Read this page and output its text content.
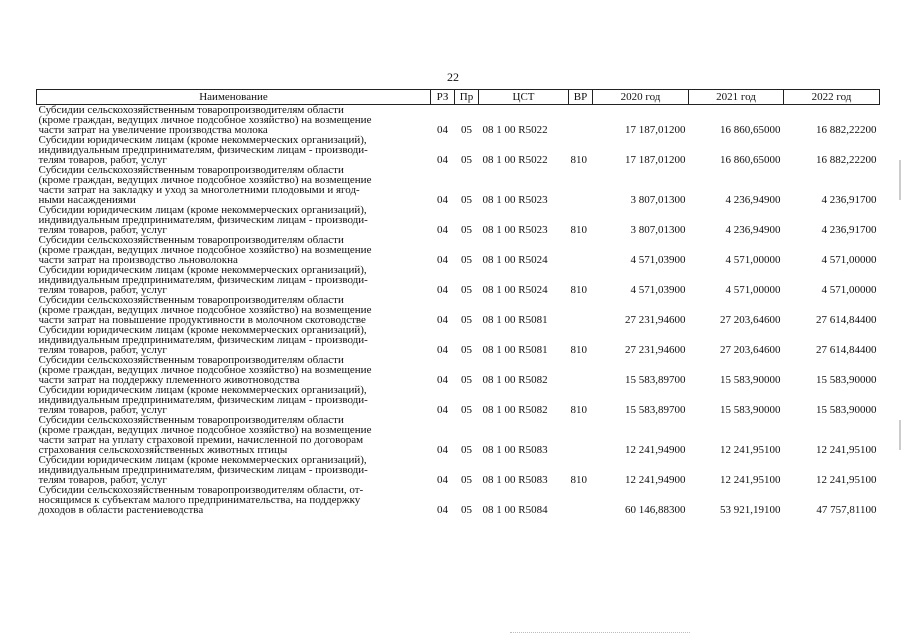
22
Наименование	РЗ	Пр	ЦСТ	ВР	2020 год	2021 год	2022 год

Субсидии сельскохозяйственным товаропроизводителям области
(кроме граждан, ведущих личное подсобное хозяйство) на возмещение
части затрат на увеличение производства молока	04	05	08 1 00 R5022		17 187,01200	16 860,65000	16 882,22200

Субсидии юридическим лицам (кроме некоммерческих организаций),
индивидуальным предпринимателям, физическим лицам - производи-
телям товаров, работ, услуг	04	05	08 1 00 R5022	810	17 187,01200	16 860,65000	16 882,22200

Субсидии сельскохозяйственным товаропроизводителям области
(кроме граждан, ведущих личное подсобное хозяйство) на возмещение
части затрат на закладку и уход за многолетними плодовыми и ягод-
ными насаждениями	04	05	08 1 00 R5023		3 807,01300	4 236,94900	4 236,91700

Субсидии юридическим лицам (кроме некоммерческих организаций),
индивидуальным предпринимателям, физическим лицам - производи-
телям товаров, работ, услуг	04	05	08 1 00 R5023	810	3 807,01300	4 236,94900	4 236,91700

Субсидии сельскохозяйственным товаропроизводителям области
(кроме граждан, ведущих личное подсобное хозяйство) на возмещение
части затрат на производство льноволокна	04	05	08 1 00 R5024		4 571,03900	4 571,00000	4 571,00000

Субсидии юридическим лицам (кроме некоммерческих организаций),
индивидуальным предпринимателям, физическим лицам - производи-
телям товаров, работ, услуг	04	05	08 1 00 R5024	810	4 571,03900	4 571,00000	4 571,00000

Субсидии сельскохозяйственным товаропроизводителям области
(кроме граждан, ведущих личное подсобное хозяйство) на возмещение
части затрат на повышение продуктивности в молочном скотоводстве	04	05	08 1 00 R5081		27 231,94600	27 203,64600	27 614,84400

Субсидии юридическим лицам (кроме некоммерческих организаций),
индивидуальным предпринимателям, физическим лицам - производи-
телям товаров, работ, услуг	04	05	08 1 00 R5081	810	27 231,94600	27 203,64600	27 614,84400

Субсидии сельскохозяйственным товаропроизводителям области
(кроме граждан, ведущих личное подсобное хозяйство) на возмещение
части затрат на поддержку племенного животноводства	04	05	08 1 00 R5082		15 583,89700	15 583,90000	15 583,90000

Субсидии юридическим лицам (кроме некоммерческих организаций),
индивидуальным предпринимателям, физическим лицам - производи-
телям товаров, работ, услуг	04	05	08 1 00 R5082	810	15 583,89700	15 583,90000	15 583,90000

Субсидии сельскохозяйственным товаропроизводителям области
(кроме граждан, ведущих личное подсобное хозяйство) на возмещение
части затрат на уплату страховой премии, начисленной по договорам
страхования сельскохозяйственных животных птицы	04	05	08 1 00 R5083		12 241,94900	12 241,95100	12 241,95100

Субсидии юридическим лицам (кроме некоммерческих организаций),
индивидуальным предпринимателям, физическим лицам - производи-
телям товаров, работ, услуг	04	05	08 1 00 R5083	810	12 241,94900	12 241,95100	12 241,95100

Субсидии сельскохозяйственным товаропроизводителям области, от-
носящимся к субъектам малого предпринимательства, на поддержку
доходов в области растениеводства	04	05	08 1 00 R5084		60 146,88300	53 921,19100	47 757,81100
